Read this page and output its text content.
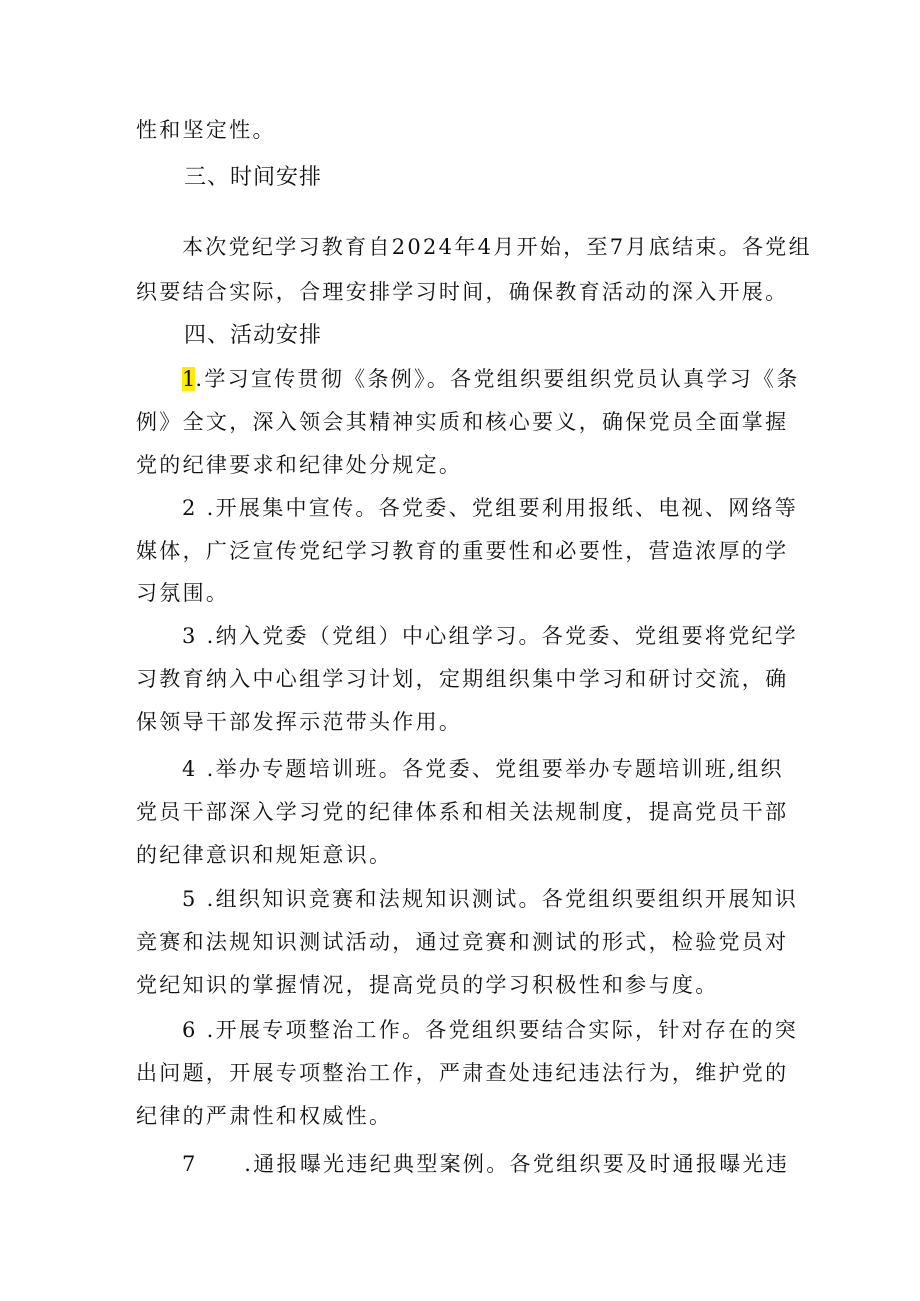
性和坚定性。
三、时间安排
本次党纪学习教育自2024年4月开始，至7月底结束。各党组
织要结合实际，合理安排学习时间，确保教育活动的深入开展。
四、活动安排
1.学习宣传贯彻《条例》。各党组织要组织党员认真学习《条
例》全文，深入领会其精神实质和核心要义，确保党员全面掌握
党的纪律要求和纪律处分规定。
2 .开展集中宣传。各党委、党组要利用报纸、电视、网络等
媒体，广泛宣传党纪学习教育的重要性和必要性，营造浓厚的学
习氛围。
3 .纳入党委（党组）中心组学习。各党委、党组要将党纪学
习教育纳入中心组学习计划，定期组织集中学习和研讨交流，确
保领导干部发挥示范带头作用。
4 .举办专题培训班。各党委、党组要举办专题培训班,组织
党员干部深入学习党的纪律体系和相关法规制度，提高党员干部
的纪律意识和规矩意识。
5 .组织知识竞赛和法规知识测试。各党组织要组织开展知识
竞赛和法规知识测试活动，通过竞赛和测试的形式，检验党员对
党纪知识的掌握情况，提高党员的学习积极性和参与度。
6 .开展专项整治工作。各党组织要结合实际，针对存在的突
出问题，开展专项整治工作，严肃查处违纪违法行为，维护党的
纪律的严肃性和权威性。
7　　.通报曝光违纪典型案例。各党组织要及时通报曝光违
